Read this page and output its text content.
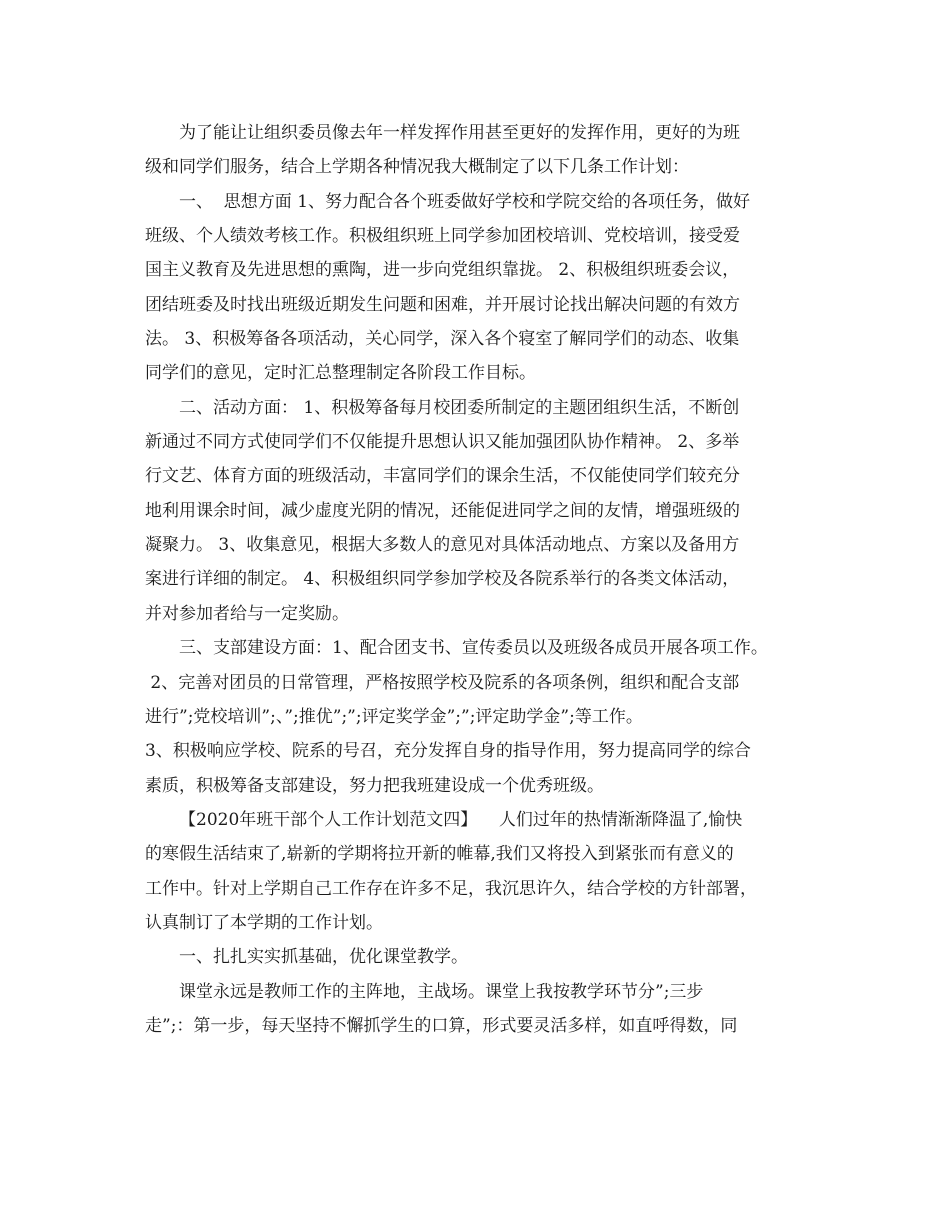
为了能让让组织委员像去年一样发挥作用甚至更好的发挥作用，更好的为班
级和同学们服务，结合上学期各种情况我大概制定了以下几条工作计划：
一、  思想方面 1、努力配合各个班委做好学校和学院交给的各项任务，做好
班级、个人绩效考核工作。积极组织班上同学参加团校培训、党校培训，接受爱
国主义教育及先进思想的熏陶，进一步向党组织靠拢。 2、积极组织班委会议，
团结班委及时找出班级近期发生问题和困难，并开展讨论找出解决问题的有效方
法。 3、积极筹备各项活动，关心同学，深入各个寝室了解同学们的动态、收集
同学们的意见，定时汇总整理制定各阶段工作目标。
二、活动方面： 1、积极筹备每月校团委所制定的主题团组织生活，不断创
新通过不同方式使同学们不仅能提升思想认识又能加强团队协作精神。 2、多举
行文艺、体育方面的班级活动，丰富同学们的课余生活，不仅能使同学们较充分
地利用课余时间，减少虚度光阴的情况，还能促进同学之间的友情，增强班级的
凝聚力。 3、收集意见，根据大多数人的意见对具体活动地点、方案以及备用方
案进行详细的制定。 4、积极组织同学参加学校及各院系举行的各类文体活动，
并对参加者给与一定奖励。
三、支部建设方面：1、配合团支书、宣传委员以及班级各成员开展各项工作。
2、完善对团员的日常管理，严格按照学校及院系的各项条例，组织和配合支部
进行”;党校培训”;、”;推优”;”;评定奖学金”;”;评定助学金”;等工作。
3、积极响应学校、院系的号召，充分发挥自身的指导作用，努力提高同学的综合
素质，积极筹备支部建设，努力把我班建设成一个优秀班级。
【2020年班干部个人工作计划范文四】    人们过年的热情渐渐降温了,愉快
的寒假生活结束了,崭新的学期将拉开新的帷幕,我们又将投入到紧张而有意义的
工作中。针对上学期自己工作存在许多不足，我沉思许久，结合学校的方针部署，
认真制订了本学期的工作计划。
一、扎扎实实抓基础，优化课堂教学。
课堂永远是教师工作的主阵地，主战场。课堂上我按教学环节分”;三步
走”;：第一步，每天坚持不懈抓学生的口算，形式要灵活多样，如直呼得数，同
